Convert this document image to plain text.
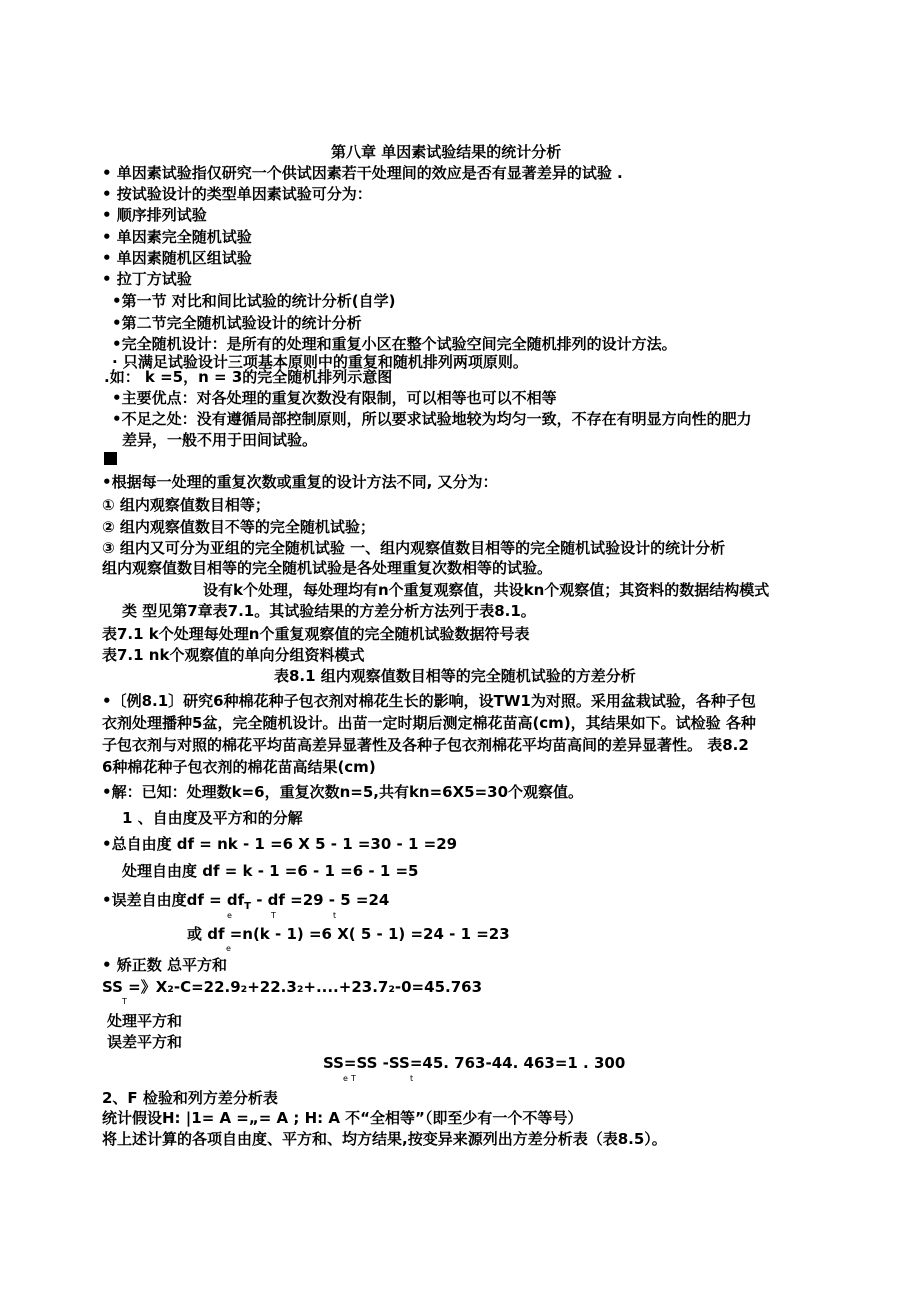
第八章 单因素试验结果的统计分析
• 单因素试验指仅研究一个供试因素若干处理间的效应是否有显著差异的试验 .
• 按试验设计的类型单因素试验可分为：
• 顺序排列试验
• 单因素完全随机试验
• 单因素随机区组试验
• 拉丁方试验
•第一节 对比和间比试验的统计分析(自学)
•第二节完全随机试验设计的统计分析
•完全随机设计：是所有的处理和重复小区在整个试验空间完全随机排列的设计方法。
· 只满足试验设计三项基本原则中的重复和随机排列两项原则。
.如： k =5，n = 3的完全随机排列示意图
•主要优点：对各处理的重复次数没有限制，可以相等也可以不相等
•不足之处：没有遵循局部控制原则，所以要求试验地较为均匀一致，不存在有明显方向性的肥力
差异，一般不用于田间试验。
•根据每一处理的重复次数或重复的设计方法不同, 又分为：
① 组内观察值数目相等；
② 组内观察值数目不等的完全随机试验；
③ 组内又可分为亚组的完全随机试验 一、组内观察值数目相等的完全随机试验设计的统计分析
组内观察值数目相等的完全随机试验是各处理重复次数相等的试验。
设有k个处理，每处理均有n个重复观察值，共设kn个观察值；其资料的数据结构模式
类 型见第7章表7.1。其试验结果的方差分析方法列于表8.1。
表7.1 k个处理每处理n个重复观察值的完全随机试验数据符号表
表7.1 nk个观察值的单向分组资料模式
表8.1 组内观察值数目相等的完全随机试验的方差分析
•〔例8.1〕研究6种棉花种子包衣剂对棉花生长的影响，设TW1为对照。采用盆栽试验，各种子包
衣剂处理播种5盆，完全随机设计。出苗一定时期后测定棉花苗高(cm)，其结果如下。试检验 各种
子包衣剂与对照的棉花平均苗高差异显著性及各种子包衣剂棉花平均苗高间的差异显著性。 表8.2
6种棉花种子包衣剂的棉花苗高结果(cm)
•解：已知：处理数k=6，重复次数n=5,共有kn=6X5=30个观察值。
1 、自由度及平方和的分解
•总自由度 df = nk - 1 =6 X 5 - 1 =30 - 1 =29
处理自由度 df = k - 1 =6 - 1 =6 - 1 =5
•误差自由度df = $df_T$ - df =29 - 5 =24
e	T	t
或 df =n(k - 1) =6 X( 5 - 1) =24 - 1 =23
e
• 矫正数 总平方和
SS =》X₂-C=22.9₂+22.3₂+....+23.7₂-0=45.763
T
处理平方和
误差平方和
SS=SS -SS=45. 763-44. 463=1 . 300
e T	t
2、F 检验和列方差分析表
统计假设H: |1= A =„= A ; H: A 不“全相等”（即至少有一个不等号）
将上述计算的各项自由度、平方和、均方结果,按变异来源列出方差分析表（表8.5）。
